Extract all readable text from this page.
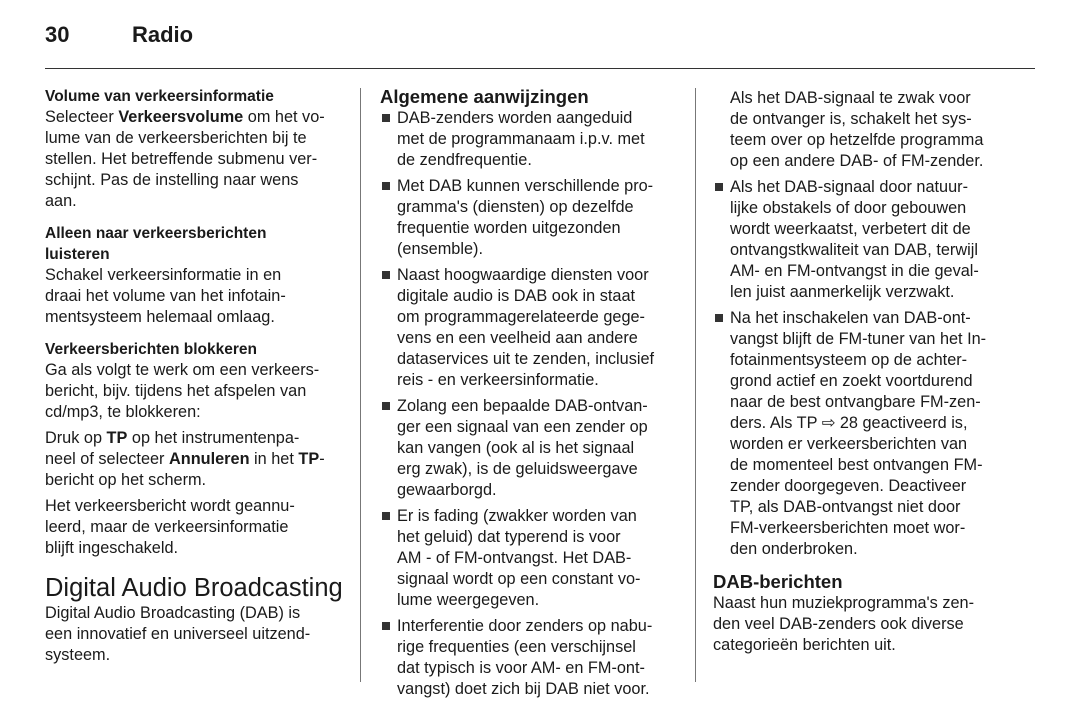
30	Radio
Volume van verkeersinformatie
Selecteer Verkeersvolume om het vo-
lume van de verkeersberichten bij te
stellen. Het betreffende submenu ver-
schijnt. Pas de instelling naar wens
aan.
Alleen naar verkeersberichten
luisteren
Schakel verkeersinformatie in en
draai het volume van het infotain-
mentsysteem helemaal omlaag.
Verkeersberichten blokkeren
Ga als volgt te werk om een verkeers-
bericht, bijv. tijdens het afspelen van
cd/mp3, te blokkeren:
Druk op TP op het instrumentenpa-
neel of selecteer Annuleren in het TP-
bericht op het scherm.
Het verkeersbericht wordt geannu-
leerd, maar de verkeersinformatie
blijft ingeschakeld.
Digital Audio Broadcasting
Digital Audio Broadcasting (DAB) is
een innovatief en universeel uitzend-
systeem.
Algemene aanwijzingen
DAB-zenders worden aangeduid
met de programmanaam i.p.v. met
de zendfrequentie.
Met DAB kunnen verschillende pro-
gramma's (diensten) op dezelfde
frequentie worden uitgezonden
(ensemble).
Naast hoogwaardige diensten voor
digitale audio is DAB ook in staat
om programmagerelateerde gege-
vens en een veelheid aan andere
dataservices uit te zenden, inclusief
reis - en verkeersinformatie.
Zolang een bepaalde DAB-ontvan-
ger een signaal van een zender op
kan vangen (ook al is het signaal
erg zwak), is de geluidsweergave
gewaarborgd.
Er is fading (zwakker worden van
het geluid) dat typerend is voor
AM - of FM-ontvangst. Het DAB-
signaal wordt op een constant vo-
lume weergegeven.
Interferentie door zenders op nabu-
rige frequenties (een verschijnsel
dat typisch is voor AM- en FM-ont-
vangst) doet zich bij DAB niet voor.
Als het DAB-signaal te zwak voor
de ontvanger is, schakelt het sys-
teem over op hetzelfde programma
op een andere DAB- of FM-zender.
Als het DAB-signaal door natuur-
lijke obstakels of door gebouwen
wordt weerkaatst, verbetert dit de
ontvangstkwaliteit van DAB, terwijl
AM- en FM-ontvangst in die geval-
len juist aanmerkelijk verzwakt.
Na het inschakelen van DAB-ont-
vangst blijft de FM-tuner van het In-
fotainmentsysteem op de achter-
grond actief en zoekt voortdurend
naar de best ontvangbare FM-zen-
ders. Als TP ⇨ 28 geactiveerd is,
worden er verkeersberichten van
de momenteel best ontvangen FM-
zender doorgegeven. Deactiveer
TP, als DAB-ontvangst niet door
FM-verkeersberichten moet wor-
den onderbroken.
DAB-berichten
Naast hun muziekprogramma's zen-
den veel DAB-zenders ook diverse
categorieën berichten uit.
